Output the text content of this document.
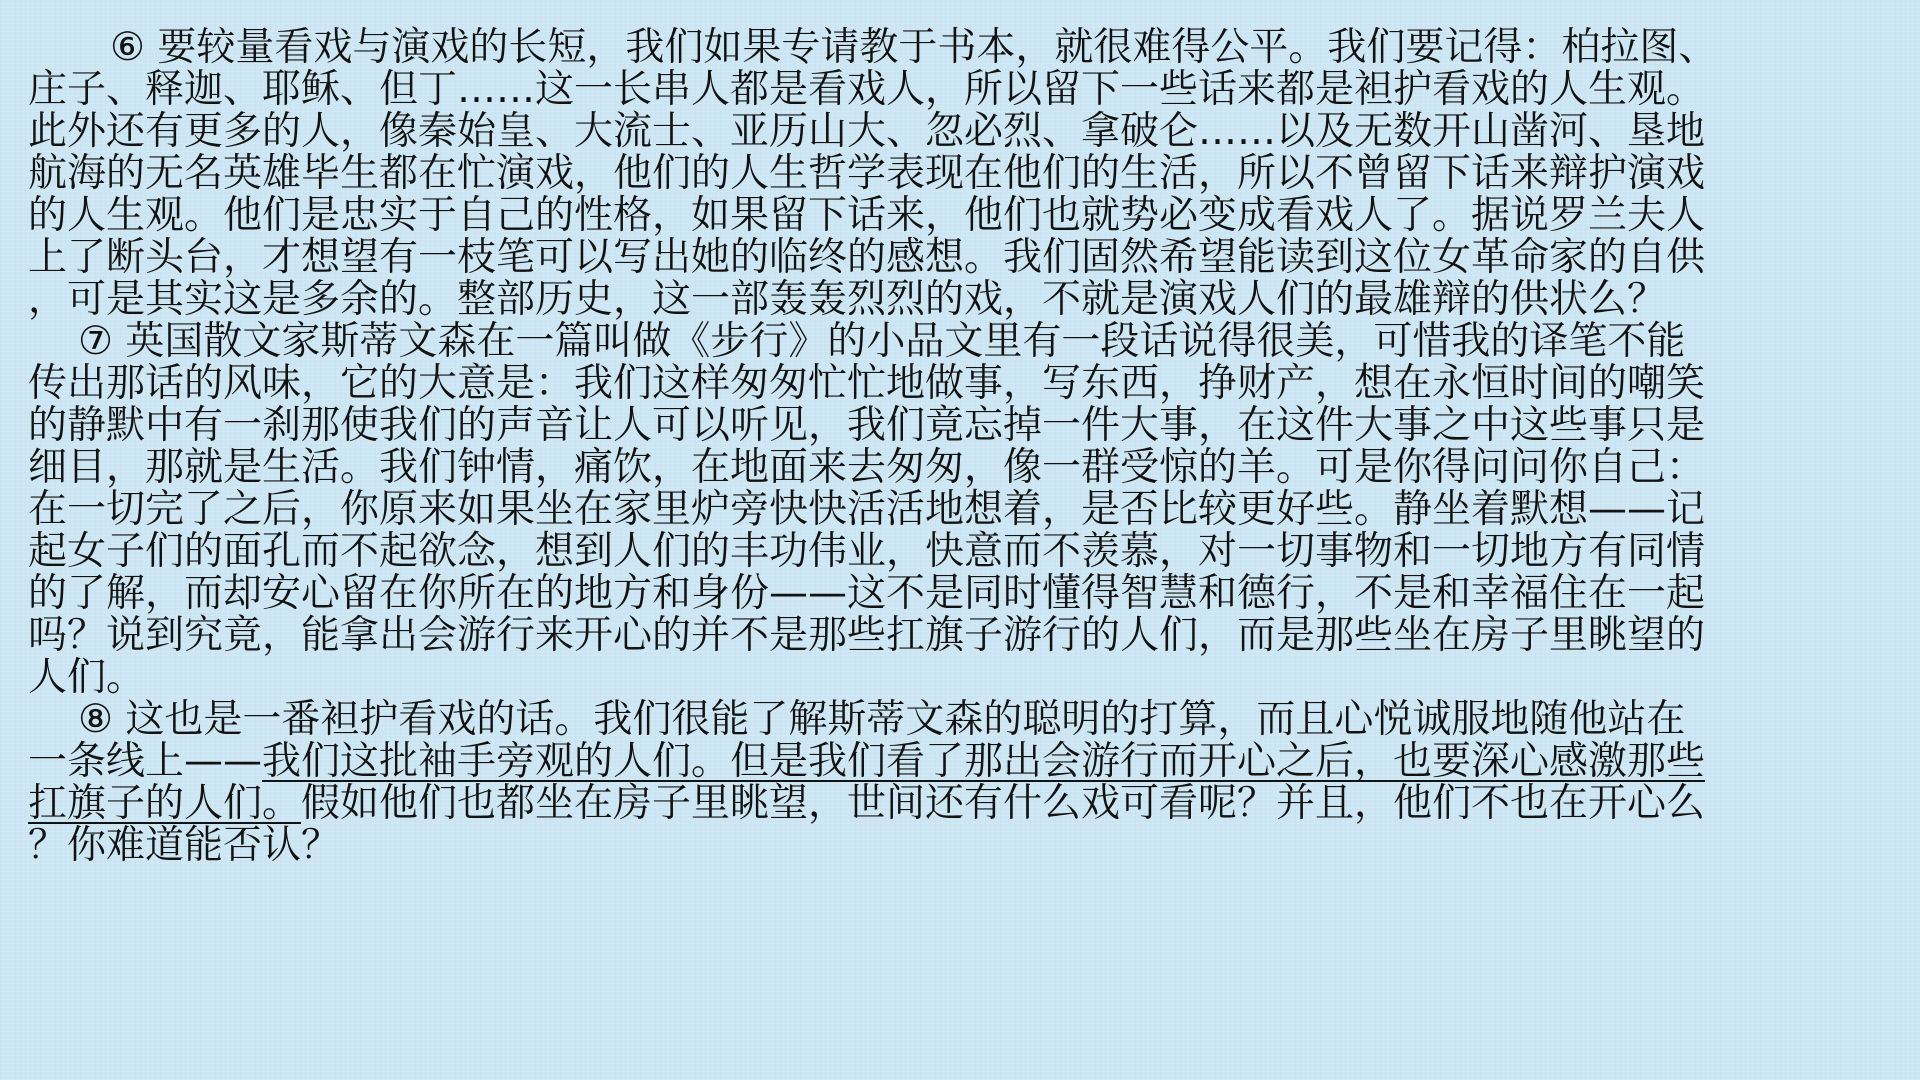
⑥ 要较量看戏与演戏的长短，我们如果专请教于书本，就很难得公平。我们要记得：柏拉图、
庄子、释迦、耶稣、但丁……这一长串人都是看戏人，所以留下一些话来都是袒护看戏的人生观。
此外还有更多的人，像秦始皇、大流士、亚历山大、忽必烈、拿破仑……以及无数开山凿河、垦地
航海的无名英雄毕生都在忙演戏，他们的人生哲学表现在他们的生活，所以不曾留下话来辩护演戏
的人生观。他们是忠实于自己的性格，如果留下话来，他们也就势必变成看戏人了。据说罗兰夫人
上了断头台，才想望有一枝笔可以写出她的临终的感想。我们固然希望能读到这位女革命家的自供
，可是其实这是多余的。整部历史，这一部轰轰烈烈的戏，不就是演戏人们的最雄辩的供状么？
⑦ 英国散文家斯蒂文森在一篇叫做《步行》的小品文里有一段话说得很美，可惜我的译笔不能
传出那话的风味，它的大意是：我们这样匆匆忙忙地做事，写东西，挣财产，想在永恒时间的嘲笑
的静默中有一刹那使我们的声音让人可以听见，我们竟忘掉一件大事，在这件大事之中这些事只是
细目，那就是生活。我们钟情，痛饮，在地面来去匆匆，像一群受惊的羊。可是你得问问你自己：
在一切完了之后，你原来如果坐在家里炉旁快快活活地想着，是否比较更好些。静坐着默想——记
起女子们的面孔而不起欲念，想到人们的丰功伟业，快意而不羡慕，对一切事物和一切地方有同情
的了解，而却安心留在你所在的地方和身份——这不是同时懂得智慧和德行，不是和幸福住在一起
吗？说到究竟，能拿出会游行来开心的并不是那些扛旗子游行的人们，而是那些坐在房子里眺望的
人们。
⑧ 这也是一番袒护看戏的话。我们很能了解斯蒂文森的聪明的打算，而且心悦诚服地随他站在
一条线上——我们这批袖手旁观的人们。但是我们看了那出会游行而开心之后，也要深心感激那些
扛旗子的人们。假如他们也都坐在房子里眺望，世间还有什么戏可看呢？并且，他们不也在开心么
？你难道能否认？
